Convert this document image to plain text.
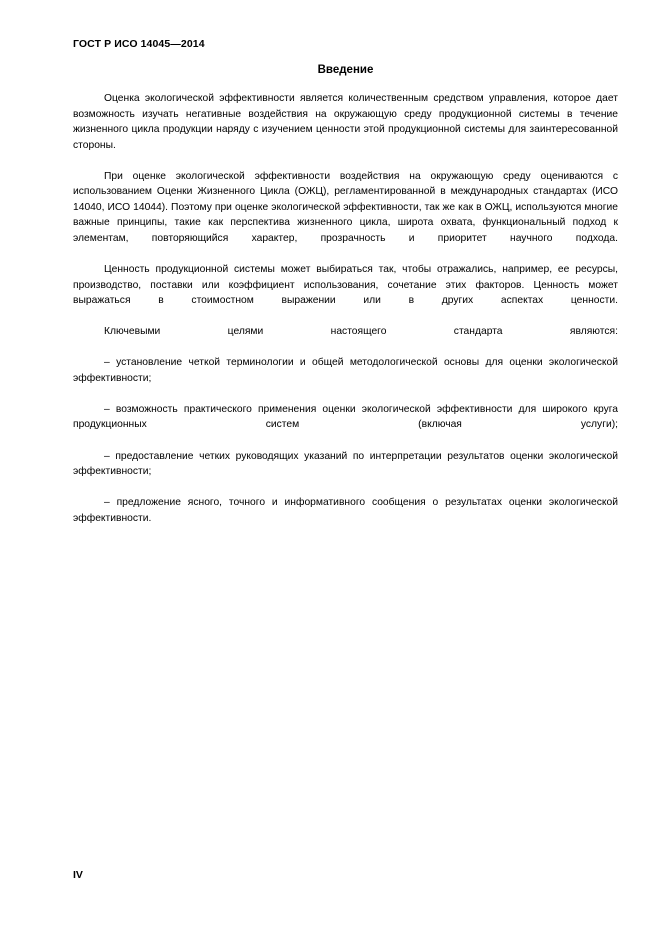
ГОСТ Р ИСО 14045—2014
Введение

Оценка экологической эффективности является количественным средством управления, которое дает возможность изучать негативные воздействия на окружающую среду продукционной системы в течение жизненного цикла продукции наряду с изучением ценности этой продукционной системы для заинтересованной стороны.

При оценке экологической эффективности воздействия на окружающую среду оцениваются с использованием Оценки Жизненного Цикла (ОЖЦ), регламентированной в международных стандартах (ИСО 14040, ИСО 14044). Поэтому при оценке экологической эффективности, так же как в ОЖЦ, используются многие важные принципы, такие как перспектива жизненного цикла, широта охвата, функциональный подход к элементам, повторяющийся характер, прозрачность и приоритет научного подхода.

Ценность продукционной системы может выбираться так, чтобы отражались, например, ее ресурсы, производство, поставки или коэффициент использования, сочетание этих факторов. Ценность может выражаться в стоимостном выражении или в других аспектах ценности.

Ключевыми целями настоящего стандарта являются:

– установление четкой терминологии и общей методологической основы для оценки экологической эффективности;

– возможность практического применения оценки экологической эффективности для широкого круга продукционных систем (включая услуги);

– предоставление четких руководящих указаний по интерпретации результатов оценки экологической эффективности;

– предложение ясного, точного и информативного сообщения о результатах оценки экологической эффективности.

IV
